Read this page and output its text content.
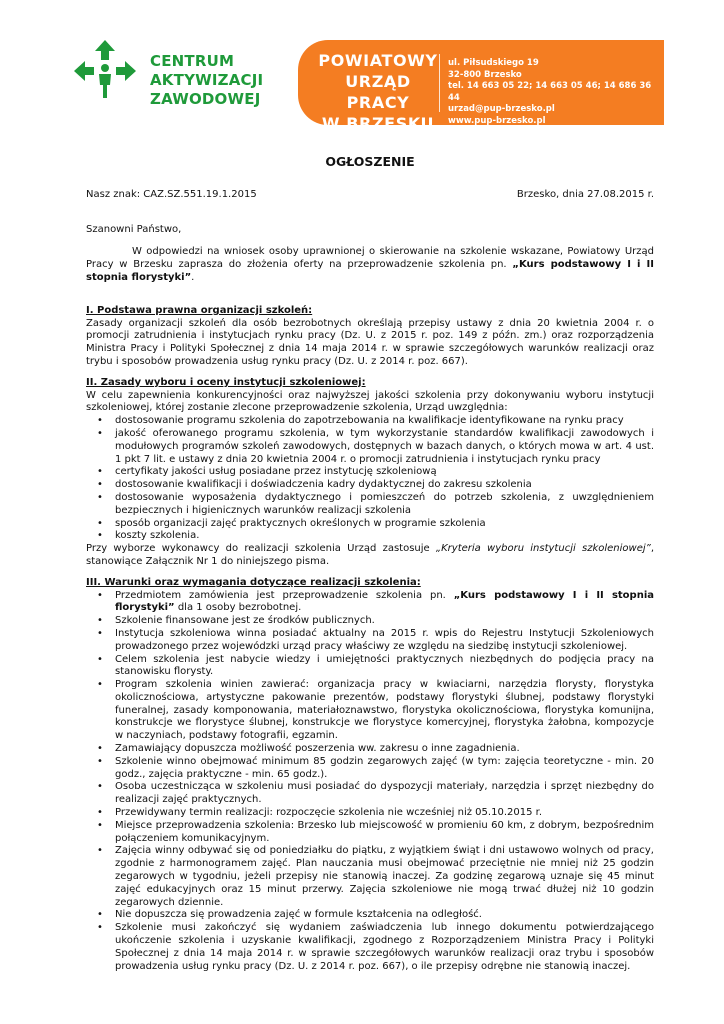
CENTRUM
AKTYWIZACJI
ZAWODOWEJ
POWIATOWY
URZĄD PRACY
W BRZESKU
ul. Piłsudskiego 19
32-800 Brzesko
tel. 14 663 05 22; 14 663 05 46; 14 686 36 44
urzad@pup-brzesko.pl
www.pup-brzesko.pl
OGŁOSZENIE
Nasz znak: CAZ.SZ.551.19.1.2015	Brzesko, dnia 27.08.2015 r.
Szanowni Państwo,

W odpowiedzi na wniosek osoby uprawnionej o skierowanie na szkolenie wskazane, Powiatowy Urząd Pracy w Brzesku zaprasza do złożenia oferty na przeprowadzenie szkolenia pn. „Kurs podstawowy I i II stopnia florystyki”.

I. Podstawa prawna organizacji szkoleń:

Zasady organizacji szkoleń dla osób bezrobotnych określają przepisy ustawy z dnia 20 kwietnia 2004 r. o promocji zatrudnienia i instytucjach rynku pracy (Dz. U. z 2015 r. poz. 149 z późn. zm.) oraz rozporządzenia Ministra Pracy i Polityki Społecznej z dnia 14 maja 2014 r. w sprawie szczegółowych warunków realizacji oraz trybu i sposobów prowadzenia usług rynku pracy (Dz. U. z 2014 r. poz. 667).

II. Zasady wyboru i oceny instytucji szkoleniowej:

W celu zapewnienia konkurencyjności oraz najwyższej jakości szkolenia przy dokonywaniu wyboru instytucji szkoleniowej, której zostanie zlecone przeprowadzenie szkolenia, Urząd uwzględnia:

• dostosowanie programu szkolenia do zapotrzebowania na kwalifikacje identyfikowane na rynku pracy
• jakość oferowanego programu szkolenia, w tym wykorzystanie standardów kwalifikacji zawodowych i modułowych programów szkoleń zawodowych, dostępnych w bazach danych, o których mowa w art. 4 ust. 1 pkt 7 lit. e ustawy z dnia 20 kwietnia 2004 r. o promocji zatrudnienia i instytucjach rynku pracy
• certyfikaty jakości usług posiadane przez instytucję szkoleniową
• dostosowanie kwalifikacji i doświadczenia kadry dydaktycznej do zakresu szkolenia
• dostosowanie wyposażenia dydaktycznego i pomieszczeń do potrzeb szkolenia, z uwzględnieniem bezpiecznych i higienicznych warunków realizacji szkolenia
• sposób organizacji zajęć praktycznych określonych w programie szkolenia
• koszty szkolenia.

Przy wyborze wykonawcy do realizacji szkolenia Urząd zastosuje „Kryteria wyboru instytucji szkoleniowej”, stanowiące Załącznik Nr 1 do niniejszego pisma.

III. Warunki oraz wymagania dotyczące realizacji szkolenia:
• Przedmiotem zamówienia jest przeprowadzenie szkolenia pn. „Kurs podstawowy I i II stopnia florystyki” dla 1 osoby bezrobotnej.
• Szkolenie finansowane jest ze środków publicznych.
• Instytucja szkoleniowa winna posiadać aktualny na 2015 r. wpis do Rejestru Instytucji Szkoleniowych prowadzonego przez wojewódzki urząd pracy właściwy ze względu na siedzibę instytucji szkoleniowej.
• Celem szkolenia jest nabycie wiedzy i umiejętności praktycznych niezbędnych do podjęcia pracy na stanowisku florysty.
• Program szkolenia winien zawierać: organizacja pracy w kwiaciarni, narzędzia florysty, florystyka okolicznościowa, artystyczne pakowanie prezentów, podstawy florystyki ślubnej, podstawy florystyki funeralnej, zasady komponowania, materiałoznawstwo, florystyka okolicznościowa, florystyka komunijna, konstrukcje we florystyce ślubnej, konstrukcje we florystyce komercyjnej, florystyka żałobna, kompozycje w naczyniach, podstawy fotografii, egzamin.
• Zamawiający dopuszcza możliwość poszerzenia ww. zakresu o inne zagadnienia.
• Szkolenie winno obejmować minimum 85 godzin zegarowych zajęć (w tym: zajęcia teoretyczne - min. 20 godz., zajęcia praktyczne - min. 65 godz.).
• Osoba uczestnicząca w szkoleniu musi posiadać do dyspozycji materiały, narzędzia i sprzęt niezbędny do realizacji zajęć praktycznych.
• Przewidywany termin realizacji: rozpoczęcie szkolenia nie wcześniej niż 05.10.2015 r.
• Miejsce przeprowadzenia szkolenia: Brzesko lub miejscowość w promieniu 60 km, z dobrym, bezpośrednim połączeniem komunikacyjnym.
• Zajęcia winny odbywać się od poniedziałku do piątku, z wyjątkiem świąt i dni ustawowo wolnych od pracy, zgodnie z harmonogramem zajęć. Plan nauczania musi obejmować przeciętnie nie mniej niż 25 godzin zegarowych w tygodniu, jeżeli przepisy nie stanowią inaczej. Za godzinę zegarową uznaje się 45 minut zajęć edukacyjnych oraz 15 minut przerwy. Zajęcia szkoleniowe nie mogą trwać dłużej niż 10 godzin zegarowych dziennie.
• Nie dopuszcza się prowadzenia zajęć w formule kształcenia na odległość.
• Szkolenie musi zakończyć się wydaniem zaświadczenia lub innego dokumentu potwierdzającego ukończenie szkolenia i uzyskanie kwalifikacji, zgodnego z Rozporządzeniem Ministra Pracy i Polityki Społecznej z dnia 14 maja 2014 r. w sprawie szczegółowych warunków realizacji oraz trybu i sposobów prowadzenia usług rynku pracy (Dz. U. z 2014 r. poz. 667), o ile przepisy odrębne nie stanowią inaczej.
